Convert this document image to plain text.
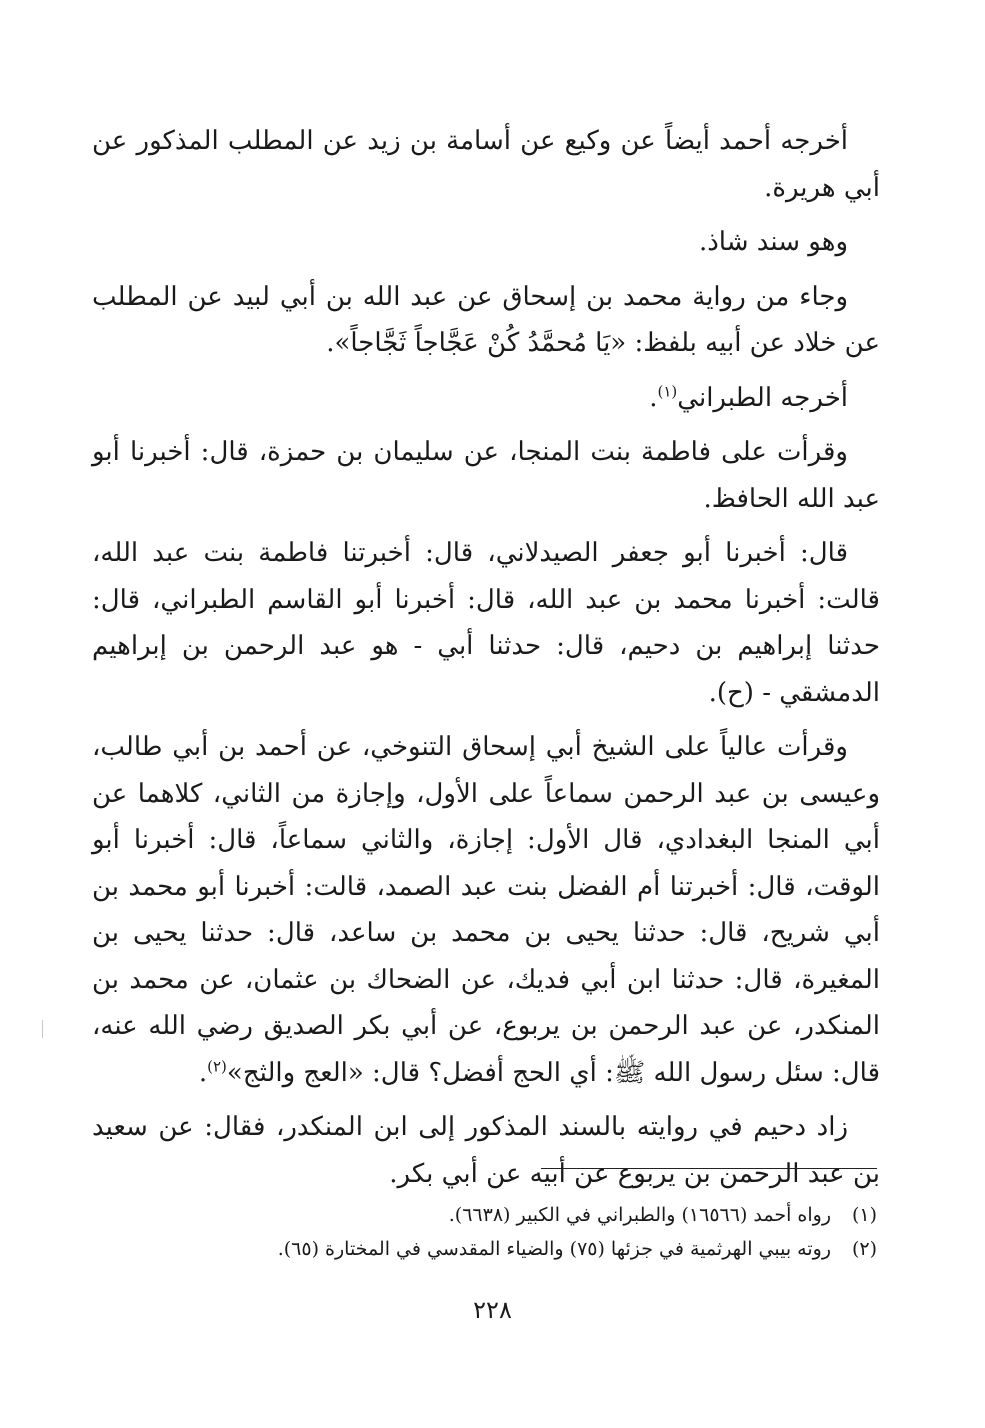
أخرجه أحمد أيضاً عن وكيع عن أسامة بن زيد عن المطلب المذكور عن أبي هريرة.

وهو سند شاذ.

وجاء من رواية محمد بن إسحاق عن عبد الله بن أبي لبيد عن المطلب عن خلاد عن أبيه بلفظ: «يَا مُحمَّدُ كُنْ عَجَّاجاً ثَجَّاجاً».

أخرجه الطبراني$^{(١)}$.

وقرأت على فاطمة بنت المنجا، عن سليمان بن حمزة، قال: أخبرنا أبو عبد الله الحافظ.

قال: أخبرنا أبو جعفر الصيدلاني، قال: أخبرتنا فاطمة بنت عبد الله، قالت: أخبرنا محمد بن عبد الله، قال: أخبرنا أبو القاسم الطبراني، قال: حدثنا إبراهيم بن دحيم، قال: حدثنا أبي - هو عبد الرحمن بن إبراهيم الدمشقي - (ح).

وقرأت عالياً على الشيخ أبي إسحاق التنوخي، عن أحمد بن أبي طالب، وعيسى بن عبد الرحمن سماعاً على الأول، وإجازة من الثاني، كلاهما عن أبي المنجا البغدادي، قال الأول: إجازة، والثاني سماعاً، قال: أخبرنا أبو الوقت، قال: أخبرتنا أم الفضل بنت عبد الصمد، قالت: أخبرنا أبو محمد بن أبي شريح، قال: حدثنا يحيى بن محمد بن ساعد، قال: حدثنا يحيى بن المغيرة، قال: حدثنا ابن أبي فديك، عن الضحاك بن عثمان، عن محمد بن المنكدر، عن عبد الرحمن بن يربوع، عن أبي بكر الصديق رضي الله عنه، قال: سئل رسول الله ﷺ: أي الحج أفضل؟ قال: «العج والثج»$^{(٢)}$.

زاد دحيم في روايته بالسند المذكور إلى ابن المنكدر، فقال: عن سعيد بن عبد الرحمن بن يربوع عن أبيه عن أبي بكر.

(١)رواه أحمد (١٦٥٦٦) والطبراني في الكبير (٦٦٣٨).

(٢)روته بيبي الهرثمية في جزئها (٧٥) والضياء المقدسي في المختارة (٦٥).

٢٢٨
